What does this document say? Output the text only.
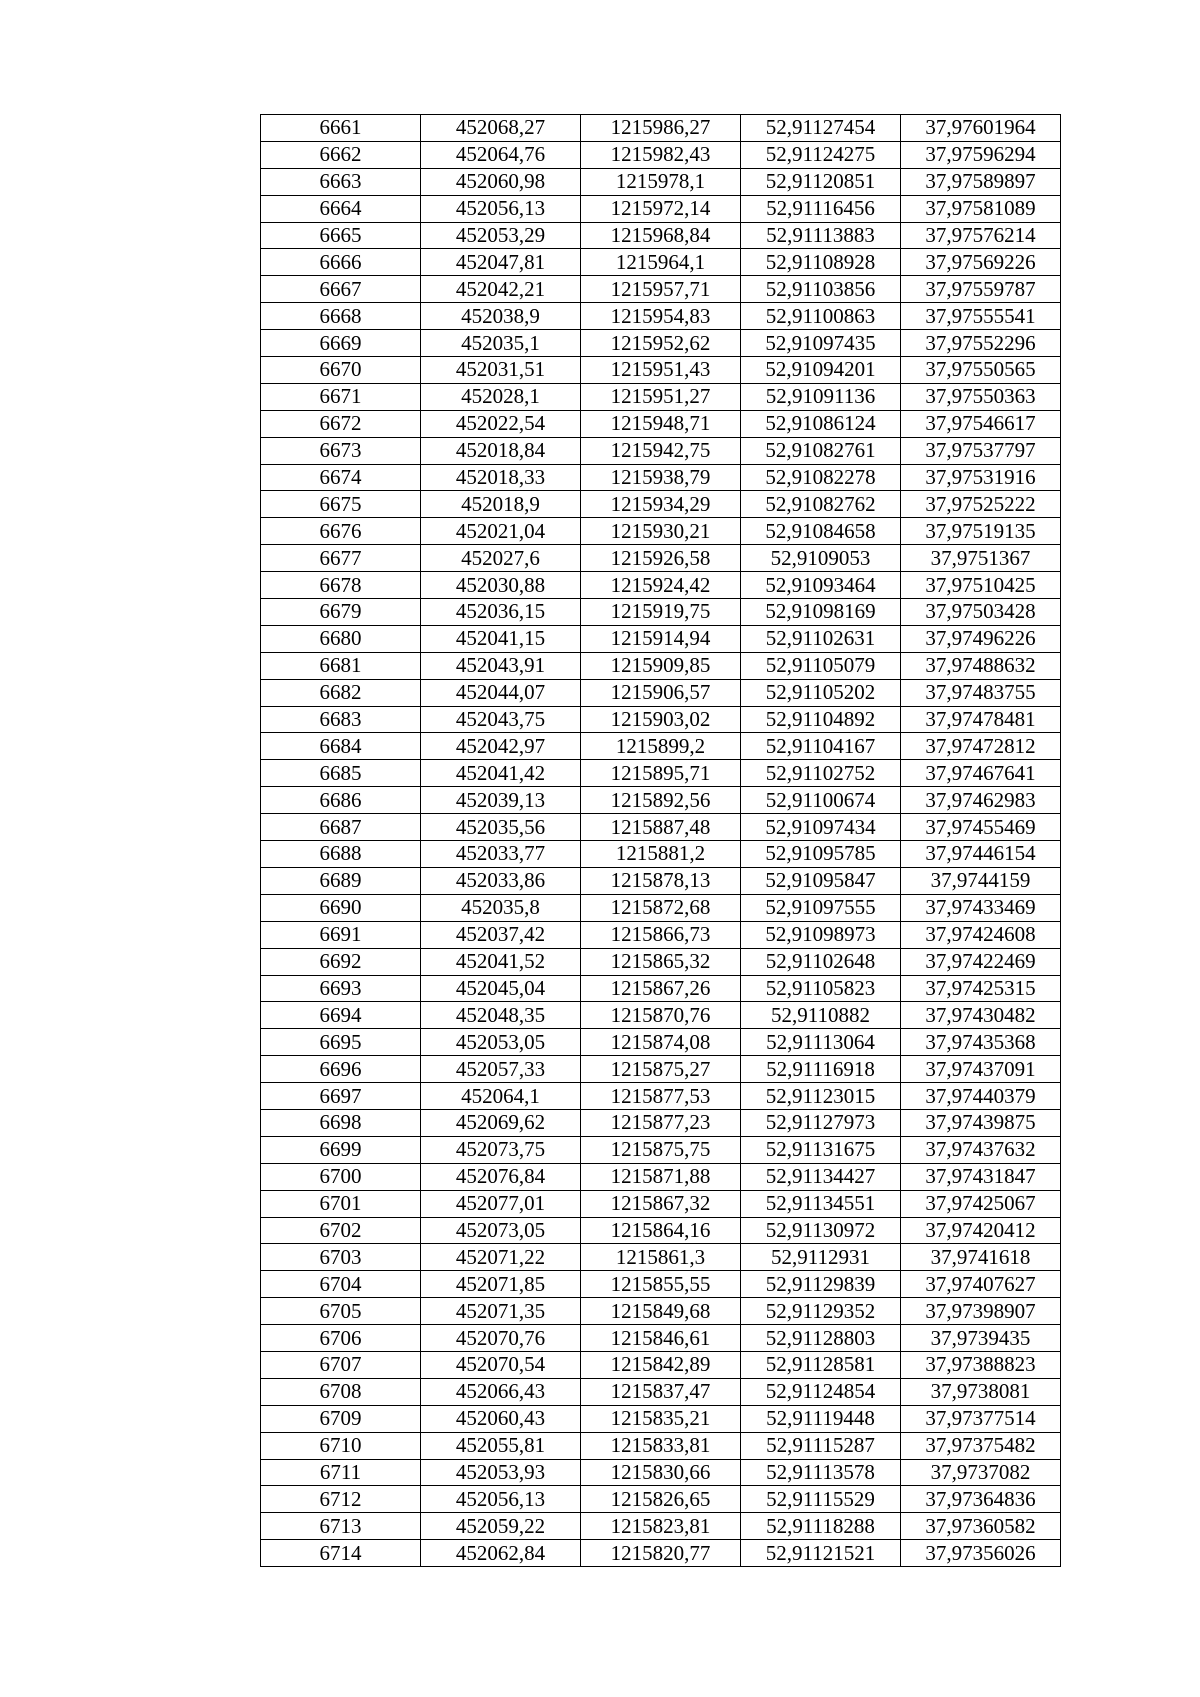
6661	452068,27	1215986,27	52,91127454	37,97601964
6662	452064,76	1215982,43	52,91124275	37,97596294
6663	452060,98	1215978,1	52,91120851	37,97589897
6664	452056,13	1215972,14	52,91116456	37,97581089
6665	452053,29	1215968,84	52,91113883	37,97576214
6666	452047,81	1215964,1	52,91108928	37,97569226
6667	452042,21	1215957,71	52,91103856	37,97559787
6668	452038,9	1215954,83	52,91100863	37,97555541
6669	452035,1	1215952,62	52,91097435	37,97552296
6670	452031,51	1215951,43	52,91094201	37,97550565
6671	452028,1	1215951,27	52,91091136	37,97550363
6672	452022,54	1215948,71	52,91086124	37,97546617
6673	452018,84	1215942,75	52,91082761	37,97537797
6674	452018,33	1215938,79	52,91082278	37,97531916
6675	452018,9	1215934,29	52,91082762	37,97525222
6676	452021,04	1215930,21	52,91084658	37,97519135
6677	452027,6	1215926,58	52,9109053	37,9751367
6678	452030,88	1215924,42	52,91093464	37,97510425
6679	452036,15	1215919,75	52,91098169	37,97503428
6680	452041,15	1215914,94	52,91102631	37,97496226
6681	452043,91	1215909,85	52,91105079	37,97488632
6682	452044,07	1215906,57	52,91105202	37,97483755
6683	452043,75	1215903,02	52,91104892	37,97478481
6684	452042,97	1215899,2	52,91104167	37,97472812
6685	452041,42	1215895,71	52,91102752	37,97467641
6686	452039,13	1215892,56	52,91100674	37,97462983
6687	452035,56	1215887,48	52,91097434	37,97455469
6688	452033,77	1215881,2	52,91095785	37,97446154
6689	452033,86	1215878,13	52,91095847	37,9744159
6690	452035,8	1215872,68	52,91097555	37,97433469
6691	452037,42	1215866,73	52,91098973	37,97424608
6692	452041,52	1215865,32	52,91102648	37,97422469
6693	452045,04	1215867,26	52,91105823	37,97425315
6694	452048,35	1215870,76	52,9110882	37,97430482
6695	452053,05	1215874,08	52,91113064	37,97435368
6696	452057,33	1215875,27	52,91116918	37,97437091
6697	452064,1	1215877,53	52,91123015	37,97440379
6698	452069,62	1215877,23	52,91127973	37,97439875
6699	452073,75	1215875,75	52,91131675	37,97437632
6700	452076,84	1215871,88	52,91134427	37,97431847
6701	452077,01	1215867,32	52,91134551	37,97425067
6702	452073,05	1215864,16	52,91130972	37,97420412
6703	452071,22	1215861,3	52,9112931	37,9741618
6704	452071,85	1215855,55	52,91129839	37,97407627
6705	452071,35	1215849,68	52,91129352	37,97398907
6706	452070,76	1215846,61	52,91128803	37,9739435
6707	452070,54	1215842,89	52,91128581	37,97388823
6708	452066,43	1215837,47	52,91124854	37,9738081
6709	452060,43	1215835,21	52,91119448	37,97377514
6710	452055,81	1215833,81	52,91115287	37,97375482
6711	452053,93	1215830,66	52,91113578	37,9737082
6712	452056,13	1215826,65	52,91115529	37,97364836
6713	452059,22	1215823,81	52,91118288	37,97360582
6714	452062,84	1215820,77	52,91121521	37,97356026
